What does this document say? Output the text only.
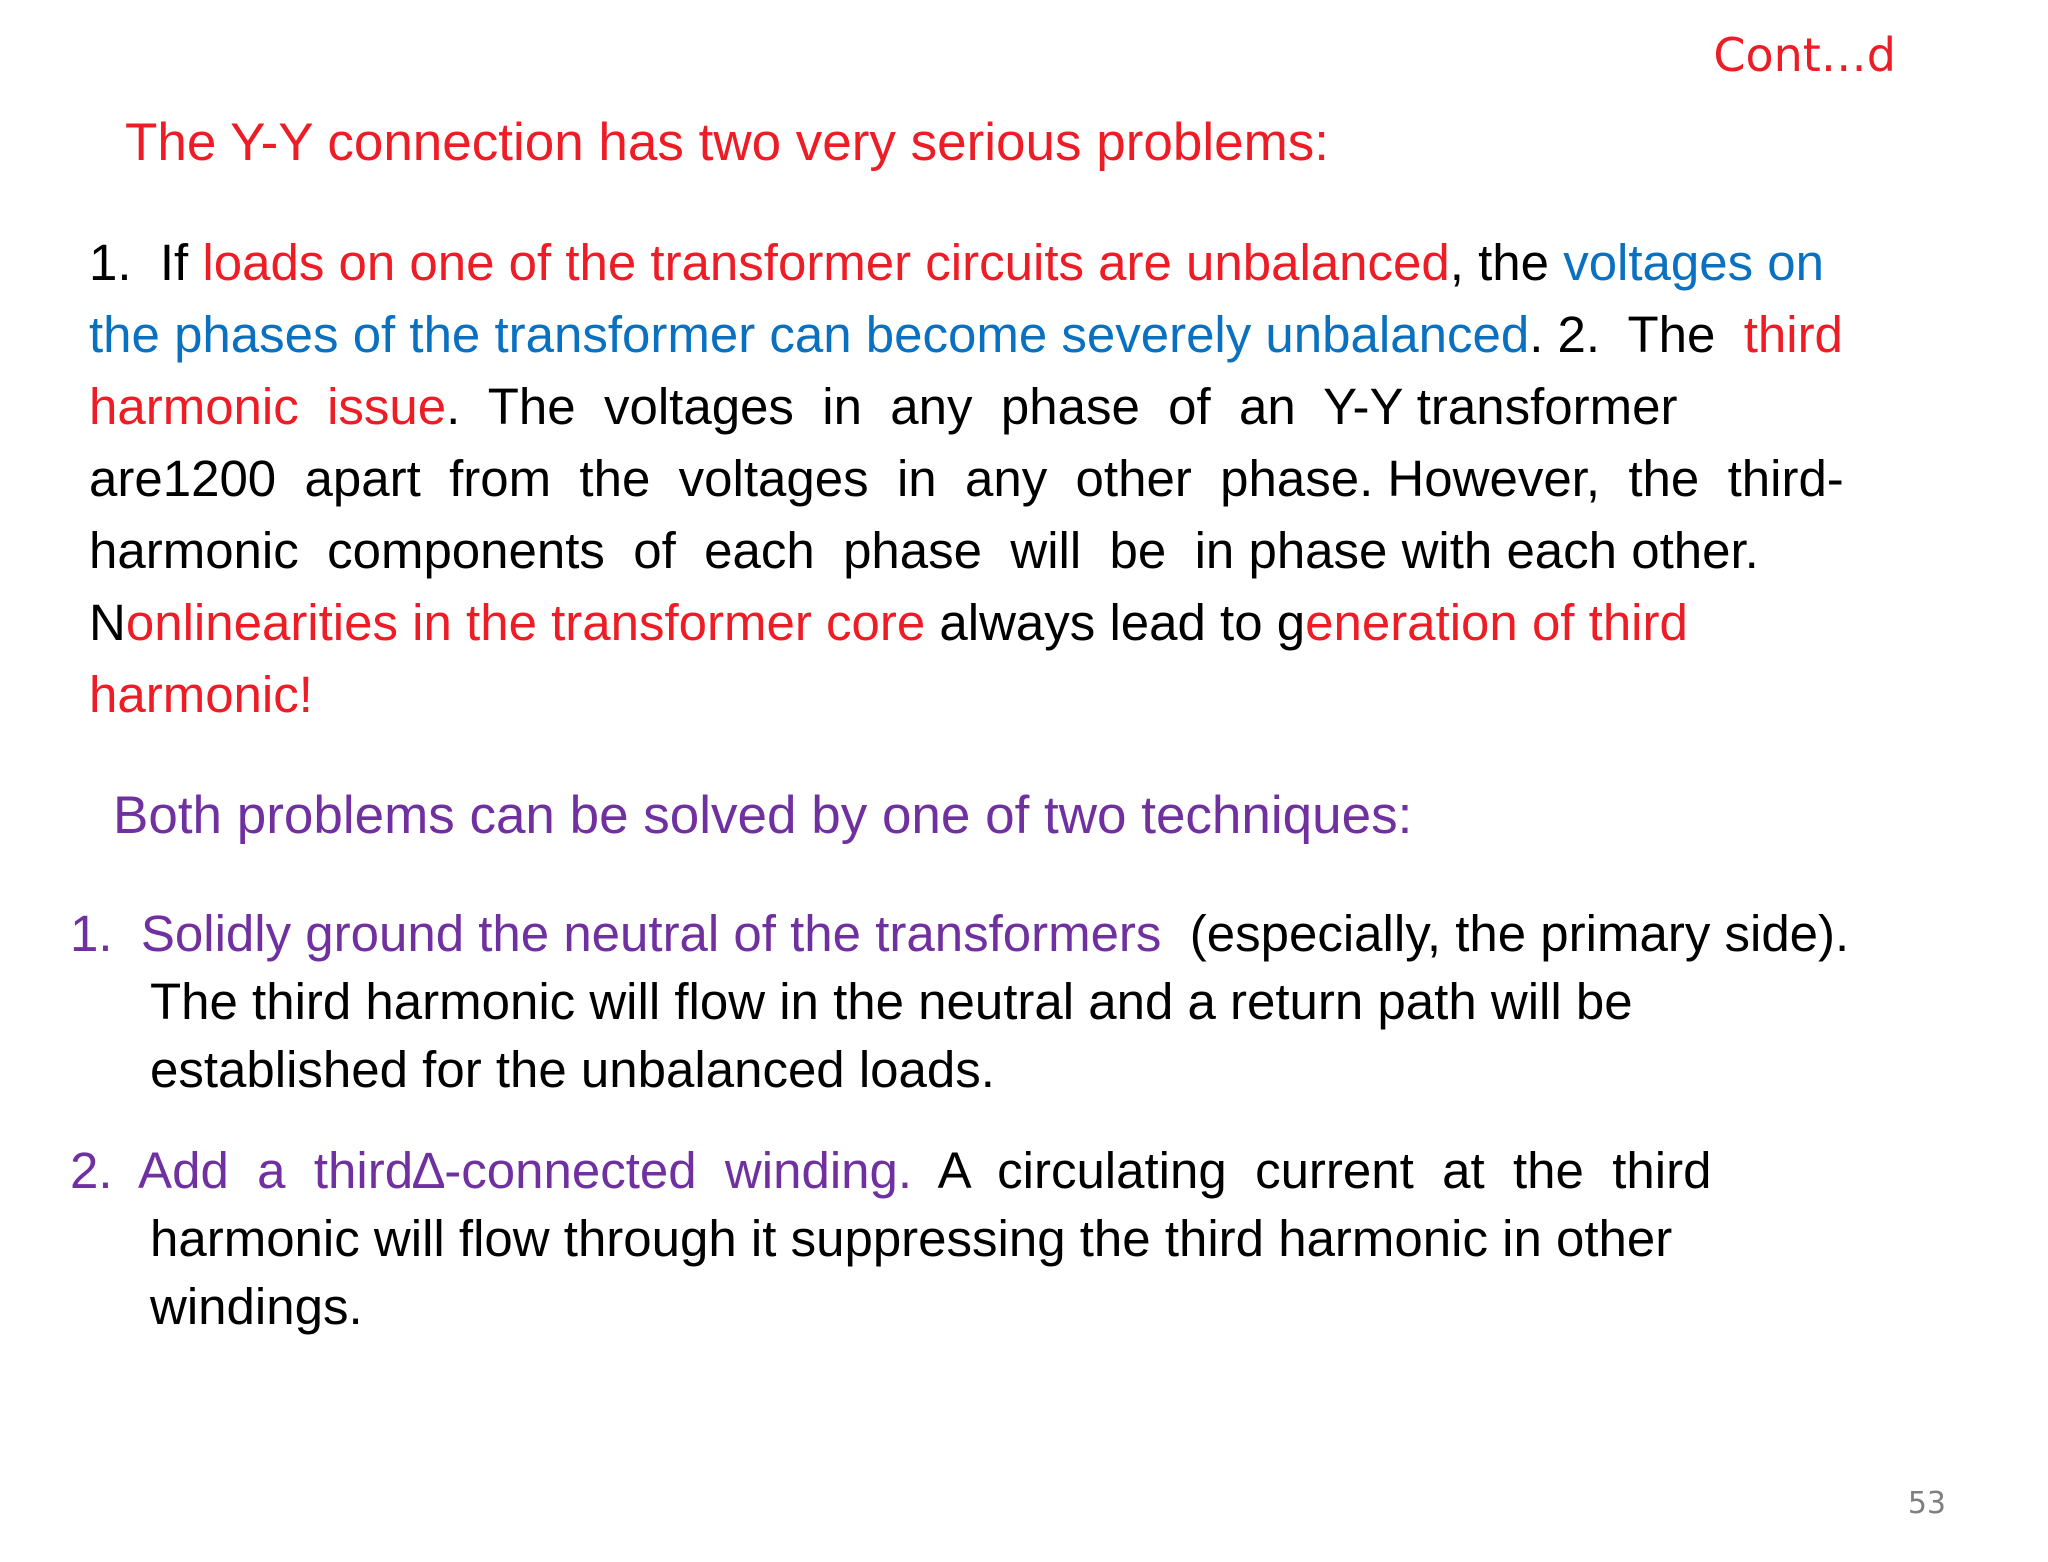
Cont…d
The Y-Y connection has two very serious problems:
1.  If loads on one of the transformer circuits are unbalanced, the voltages on
the phases of the transformer can become severely unbalanced. 2.  The  third
harmonic  issue.  The  voltages  in  any  phase  of  an  Y-Y transformer
are1200  apart  from  the  voltages  in  any  other  phase. However,  the  third-
harmonic  components  of  each  phase  will  be  in phase with each other.
Nonlinearities in the transformer core always lead to generation of third
harmonic!
Both problems can be solved by one of two techniques:
1.  Solidly ground the neutral of the transformers  (especially, the primary side).
The third harmonic will flow in the neutral and a return path will be
established for the unbalanced loads.
2.  Add  a  third∆-connected  winding.  A  circulating  current  at  the  third
harmonic will flow through it suppressing the third harmonic in other
windings.
53
